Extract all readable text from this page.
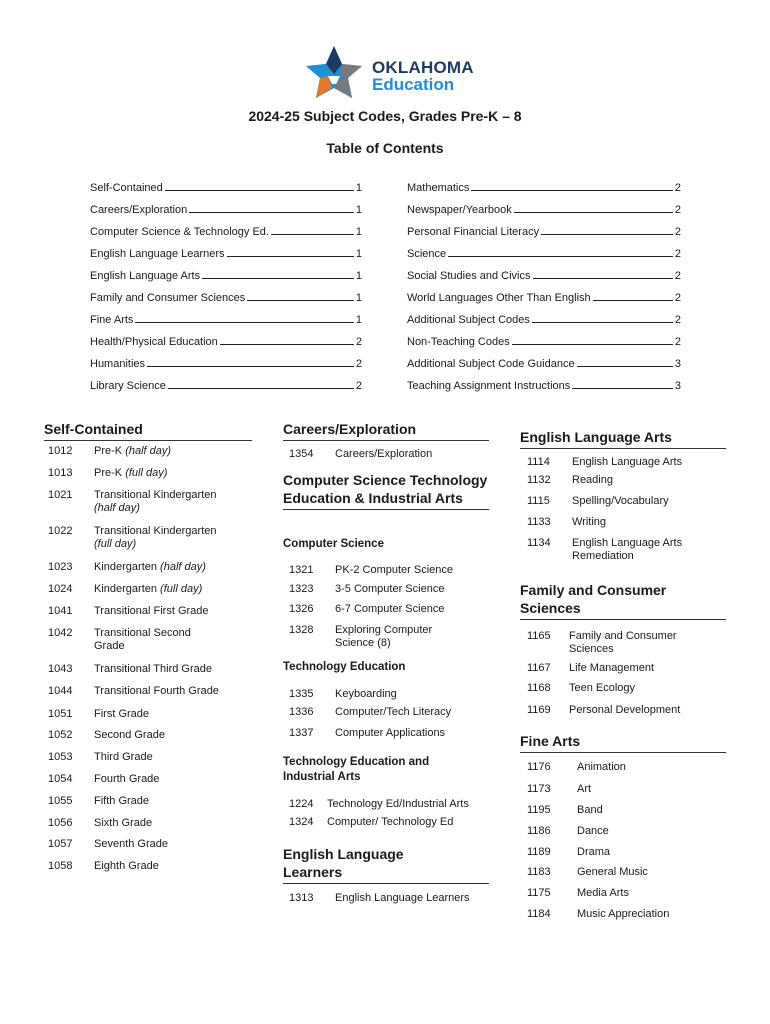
OKLAHOMA
Education
2024-25 Subject Codes, Grades Pre-K – 8
Table of Contents
Self-Contained	1
Careers/Exploration	1
Computer Science & Technology Ed.	1
English Language Learners	1
English Language Arts	1
Family and Consumer Sciences	1
Fine Arts	1
Health/Physical Education	2
Humanities	2
Library Science	2
Mathematics	2
Newspaper/Yearbook	2
Personal Financial Literacy	2
Science	2
Social Studies and Civics	2
World Languages Other Than English	2
Additional Subject Codes	2
Non-Teaching Codes	2
Additional Subject Code Guidance	3
Teaching Assignment Instructions	3
Self-Contained
1012 Pre-K (half day)
1013 Pre-K (full day)
1021 Transitional Kindergarten
(half day)
1022 Transitional Kindergarten
(full day)
1023 Kindergarten (half day)
1024 Kindergarten (full day)
1041 Transitional First Grade
1042 Transitional Second Grade
1043 Transitional Third Grade
1044 Transitional Fourth Grade
1051 First Grade
1052 Second Grade
1053 Third Grade
1054 Fourth Grade
1055 Fifth Grade
1056 Sixth Grade
1057 Seventh Grade
1058 Eighth Grade
Careers/Exploration
1354 Careers/Exploration
Computer Science Technology Education & Industrial Arts
Computer Science
1321 PK-2 Computer Science
1323 3-5 Computer Science
1326 6-7 Computer Science
1328 Exploring Computer Science (8)
Technology Education
1335 Keyboarding
1336 Computer/Tech Literacy
1337 Computer Applications
Technology Education and Industrial Arts
1224 Technology Ed/Industrial Arts
1324 Computer/ Technology Ed
English Language Learners
1313 English Language Learners
English Language Arts
1114 English Language Arts
1132 Reading
1115 Spelling/Vocabulary
1133 Writing
1134 English Language Arts Remediation
Family and Consumer Sciences
1165 Family and Consumer Sciences
1167 Life Management
1168 Teen Ecology
1169 Personal Development
Fine Arts
1176 Animation
1173 Art
1195 Band
1186 Dance
1189 Drama
1183 General Music
1175 Media Arts
1184 Music Appreciation
